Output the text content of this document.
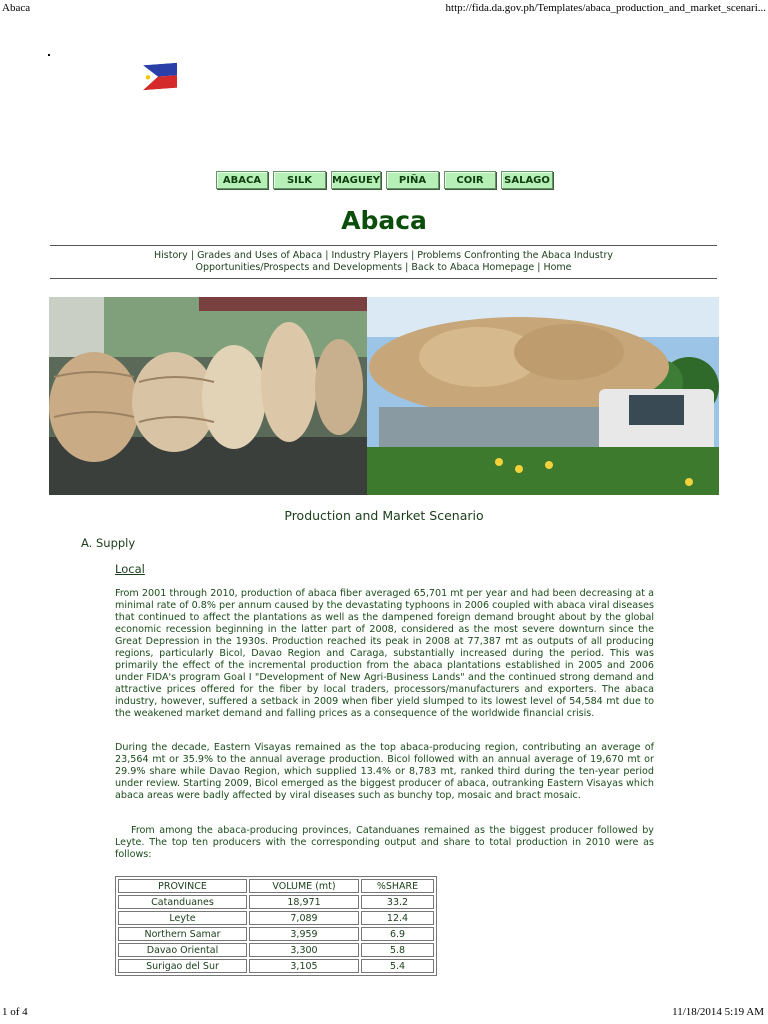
Abaca	http://fida.da.gov.ph/Templates/abaca_production_and_market_scenari...
ABACA	SILK	MAGUEY	PIÑA	COIR	SALAGO
Abaca
History | Grades and Uses of Abaca | Industry Players | Problems Confronting the Abaca Industry
Opportunities/Prospects and Developments | Back to Abaca Homepage | Home
Production and Market Scenario
A. Supply
Local

From 2001 through 2010, production of abaca fiber averaged 65,701 mt per year and had been decreasing at a minimal rate of 0.8% per annum caused by the devastating typhoons in 2006 coupled with abaca viral diseases that continued to affect the plantations as well as the dampened foreign demand brought about by the global economic recession beginning in the latter part of 2008, considered as the most severe downturn since the Great Depression in the 1930s. Production reached its peak in 2008 at 77,387 mt as outputs of all producing regions, particularly Bicol, Davao Region and Caraga, substantially increased during the period. This was primarily the effect of the incremental production from the abaca plantations established in 2005 and 2006 under FIDA's program Goal I "Development of New Agri-Business Lands" and the continued strong demand and attractive prices offered for the fiber by local traders, processors/manufacturers and exporters. The abaca industry, however, suffered a setback in 2009 when fiber yield slumped to its lowest level of 54,584 mt due to the weakened market demand and falling prices as a consequence of the worldwide financial crisis.

During the decade, Eastern Visayas remained as the top abaca-producing region, contributing an average of 23,564 mt or 35.9% to the annual average production. Bicol followed with an annual average of 19,670 mt or 29.9% share while Davao Region, which supplied 13.4% or 8,783 mt, ranked third during the ten-year period under review. Starting 2009, Bicol emerged as the biggest producer of abaca, outranking Eastern Visayas which abaca areas were badly affected by viral diseases such as bunchy top, mosaic and bract mosaic.

From among the abaca-producing provinces, Catanduanes remained as the biggest producer followed by Leyte. The top ten producers with the corresponding output and share to total production in 2010 were as follows:

PROVINCE	VOLUME (mt)	%SHARE
Catanduanes	18,971	33.2
Leyte	7,089	12.4
Northern Samar	3,959	6.9
Davao Oriental	3,300	5.8
Surigao del Sur	3,105	5.4
1 of 4	11/18/2014 5:19 AM
